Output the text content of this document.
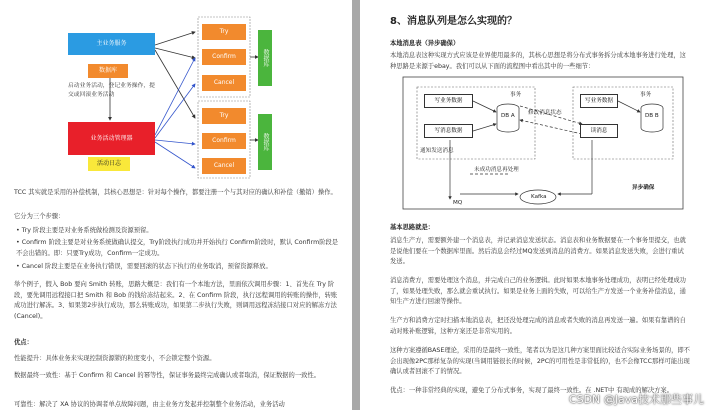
主业务服务
数据库
启动业务活动，登记业务操作，提交或回滚业务活动
业务活动管理器
活动日志
Try
Confirm
Cancel
数据库
Try
Confirm
Cancel
数据库
TCC 其实就是采用的补偿机制，其核心思想是：针对每个操作，都要注册一个与其对应的确认和补偿（撤销）操作。
它分为三个步骤：
• Try 阶段主要是对业务系统做检测及资源预留。
• Confirm 阶段主要是对业务系统做确认提交，Try阶段执行成功并开始执行 Confirm阶段时，默认 Confirm阶段是不会出错的。即：只要Try成功，Confirm一定成功。
• Cancel 阶段主要是在业务执行错误，需要回滚的状态下执行的业务取消，预留资源释放。
举个例子，假入 Bob 要向 Smith 转账，思路大概是：我们有一个本地方法，里面依次调用步骤：1、首先在 Try 阶段，要先调用远程接口把 Smith 和 Bob 的钱给冻结起来。2、在 Confirm 阶段，执行远程调用的转账的操作，转账成功进行解冻。3、如果第2步执行成功，那么转账成功，如果第二步执行失败，则调用远程冻结接口对应的解冻方法 (Cancel)。
优点：
性能提升：具体业务来实现控制资源锁的粒度变小，不会锁定整个资源。
数据最终一致性：基于 Confirm 和 Cancel 的幂等性，保证事务最终完成确认或者取消，保证数据的一致性。
可靠性：解决了 XA 协议的协调者单点故障问题，由主业务方发起并控制整个业务活动，业务活动
8、消息队列是怎么实现的？
本地消息表（异步确保）
本地消息表这种实现方式应该是业界使用最多的，其核心思想是将分布式事务拆分成本地事务进行处理，这种思路是来源于ebay。我们可以从下面的流程图中看出其中的一些细节：
事务	事务
写业务数据
写消息数据
写业务数据
读消息
DB A	DB B
修改消息状态
通知发送消息
未成功消息再处理
MQ
Kafka
异步确保
基本思路就是：
消息生产方，需要额外建一个消息表，并记录消息发送状态。消息表和业务数据要在一个事务里提交，也就是说他们要在一个数据库里面。然后消息会经过MQ发送到消息的消费方。如果消息发送失败，会进行重试发送。
消息消费方，需要处理这个消息，并完成自己的业务逻辑。此时如果本地事务处理成功，表明已经处理成功了，如果处理失败，那么就会重试执行。如果是业务上面的失败，可以给生产方发送一个业务补偿消息，通知生产方进行回滚等操作。
生产方和消费方定时扫描本地消息表，把还没处理完成的消息或者失败的消息再发送一遍。如果有靠谱的自动对账补账逻辑，这种方案还是非常实用的。
这种方案遵循BASE理论，采用的是最终一致性，笔者以为是这几种方案里面比较适合实际业务场景的，即不会出现像2PC那样复杂的实现(当调用链很长的时候，2PC的可用性是非常低的)，也不会像TCC那样可能出现确认或者回滚不了的情况。
优点：一种非常经典的实现，避免了分布式事务，实现了最终一致性。在 .NET中 有现成的解决方案。
CSDN @Java技术那些事儿
